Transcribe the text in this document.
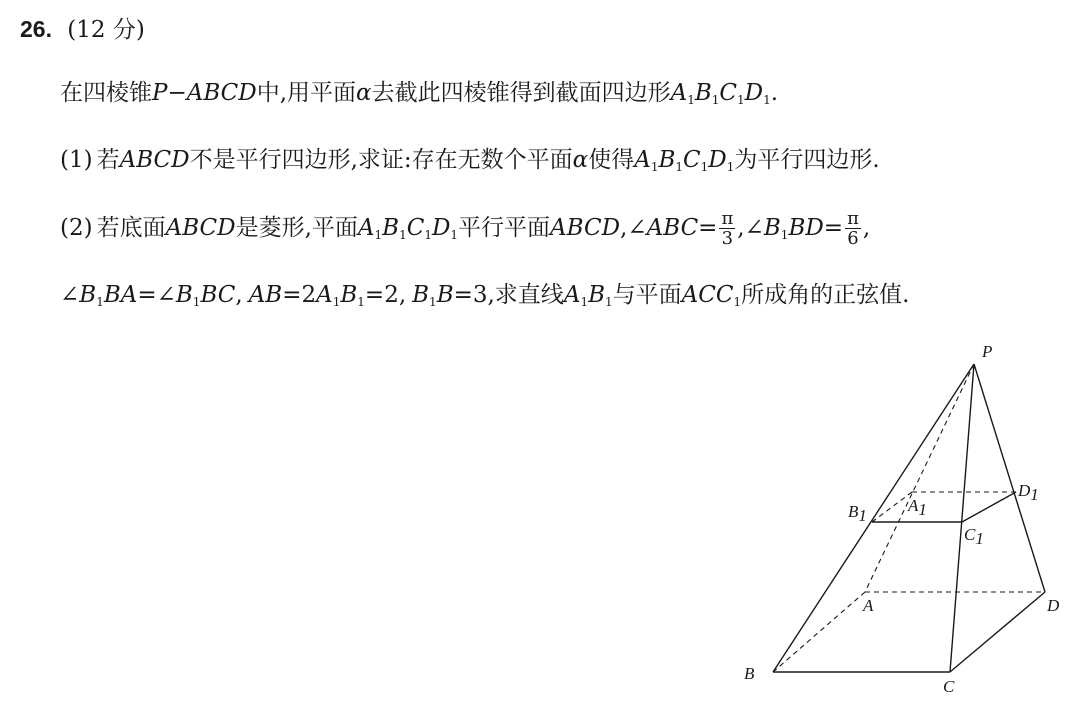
26. (12 分)
在四棱锥P−ABCD中,用平面α去截此四棱锥得到截面四边形$A_1B_1C_1D_1$.
(1) 若ABCD不是平行四边形,求证:存在无数个平面α使得$A_1B_1C_1D_1$为平行四边形.
(2) 若底面ABCD是菱形,平面$A_1B_1C_1D_1$平行平面ABCD,∠ABC= $\frac{\pi}{3}$ $,\angle B_1BD= \frac{\pi}{6}$ ,
$\angle B_1BA=\angle B_1BC$, $AB=2A_1B_1=2$, $B_1B=3$,求直线$A_1B_1$与平面$ACC_1$所成角的正弦值.
P
B
C
A	D
B1
A1
C1
D1
